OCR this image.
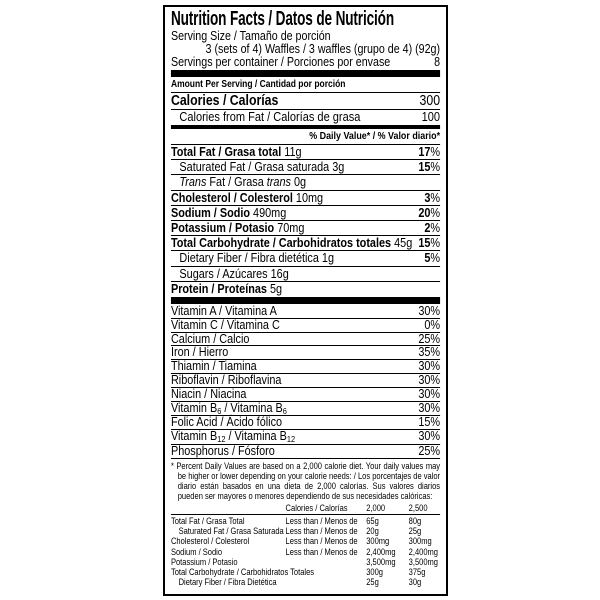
Nutrition Facts / Datos de Nutrición
Serving Size / Tamaño de porción
3 (sets of 4) Waffles / 3 waffles (grupo de 4) (92g)
Servings per container / Porciones por envase	8
Amount Per Serving / Cantidad por porción
Calories / Calorías	300
Calories from Fat / Calorías de grasa	100
% Daily Value* / % Valor diario*
Total Fat / Grasa total 11g	17%
Saturated Fat / Grasa saturada 3g	15%
Trans Fat / Grasa trans 0g
Cholesterol / Colesterol 10mg	3%
Sodium / Sodio 490mg	20%
Potassium / Potasio 70mg	2%
Total Carbohydrate / Carbohidratos totales 45g 15%
Dietary Fiber / Fibra dietética 1g	5%
Sugars / Azúcares 16g
Protein / Proteínas 5g
Vitamin A / Vitamina A	30%
Vitamin C / Vitamina C	0%
Calcium / Calcio	25%
Iron / Hierro	35%
Thiamin / Tiamina	30%
Riboflavin / Riboflavina	30%
Niacin / Niacina	30%
Vitamin B6 / Vitamina B6	30%
Folic Acid / Ácido fólico	15%
Vitamin B12 / Vitamina B12	30%
Phosphorus / Fósforo	25%
* Percent Daily Values are based on a 2,000 calorie diet. Your daily values may be higher or lower depending on your calorie needs: / Los porcentajes de valor diario están basados en una dieta de 2,000 calorías. Sus valores diarios pueden ser mayores o menores dependiendo de sus necesidades calóricas:
Calories / Calorías	2,000	2,500
Total Fat / Grasa Total	Less than / Menos de 65g	80g
Saturated Fat / Grasa Saturada Less than / Menos de 20g	25g
Cholesterol / Colesterol	Less than / Menos de 300mg	300mg
Sodium / Sodio	Less than / Menos de 2,400mg	2,400mg
Potassium / Potasio	3,500mg	3,500mg
Total Carbohydrate / Carbohidratos Totales	300g	375g
Dietary Fiber / Fibra Dietética	25g	30g
